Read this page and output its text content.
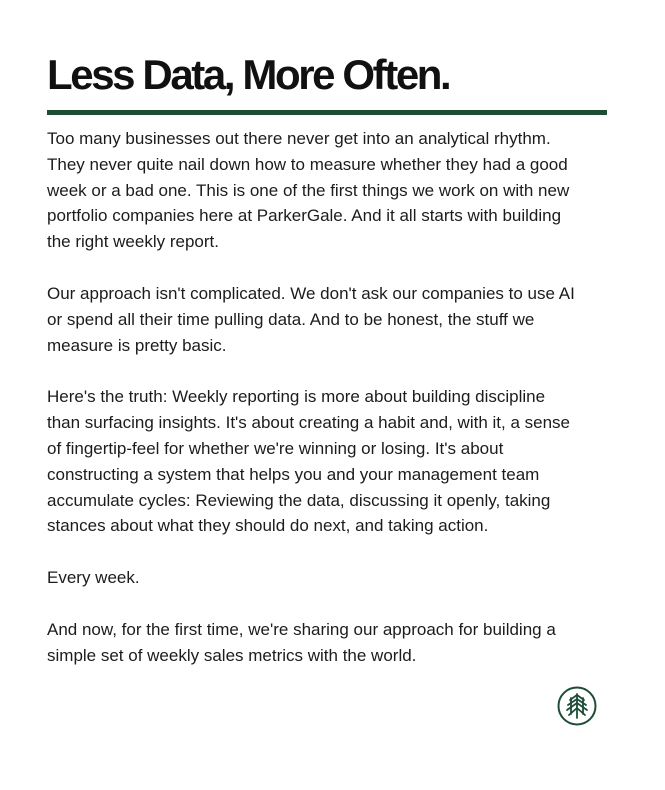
Less Data, More Often.

Too many businesses out there never get into an analytical rhythm.
They never quite nail down how to measure whether they had a good
week or a bad one. This is one of the first things we work on with new
portfolio companies here at ParkerGale. And it all starts with building
the right weekly report.

Our approach isn't complicated. We don't ask our companies to use AI
or spend all their time pulling data. And to be honest, the stuff we
measure is pretty basic.

Here's the truth: Weekly reporting is more about building discipline
than surfacing insights. It's about creating a habit and, with it, a sense
of fingertip-feel for whether we're winning or losing. It's about
constructing a system that helps you and your management team
accumulate cycles: Reviewing the data, discussing it openly, taking
stances about what they should do next, and taking action.

Every week.

And now, for the first time, we're sharing our approach for building a
simple set of weekly sales metrics with the world.
